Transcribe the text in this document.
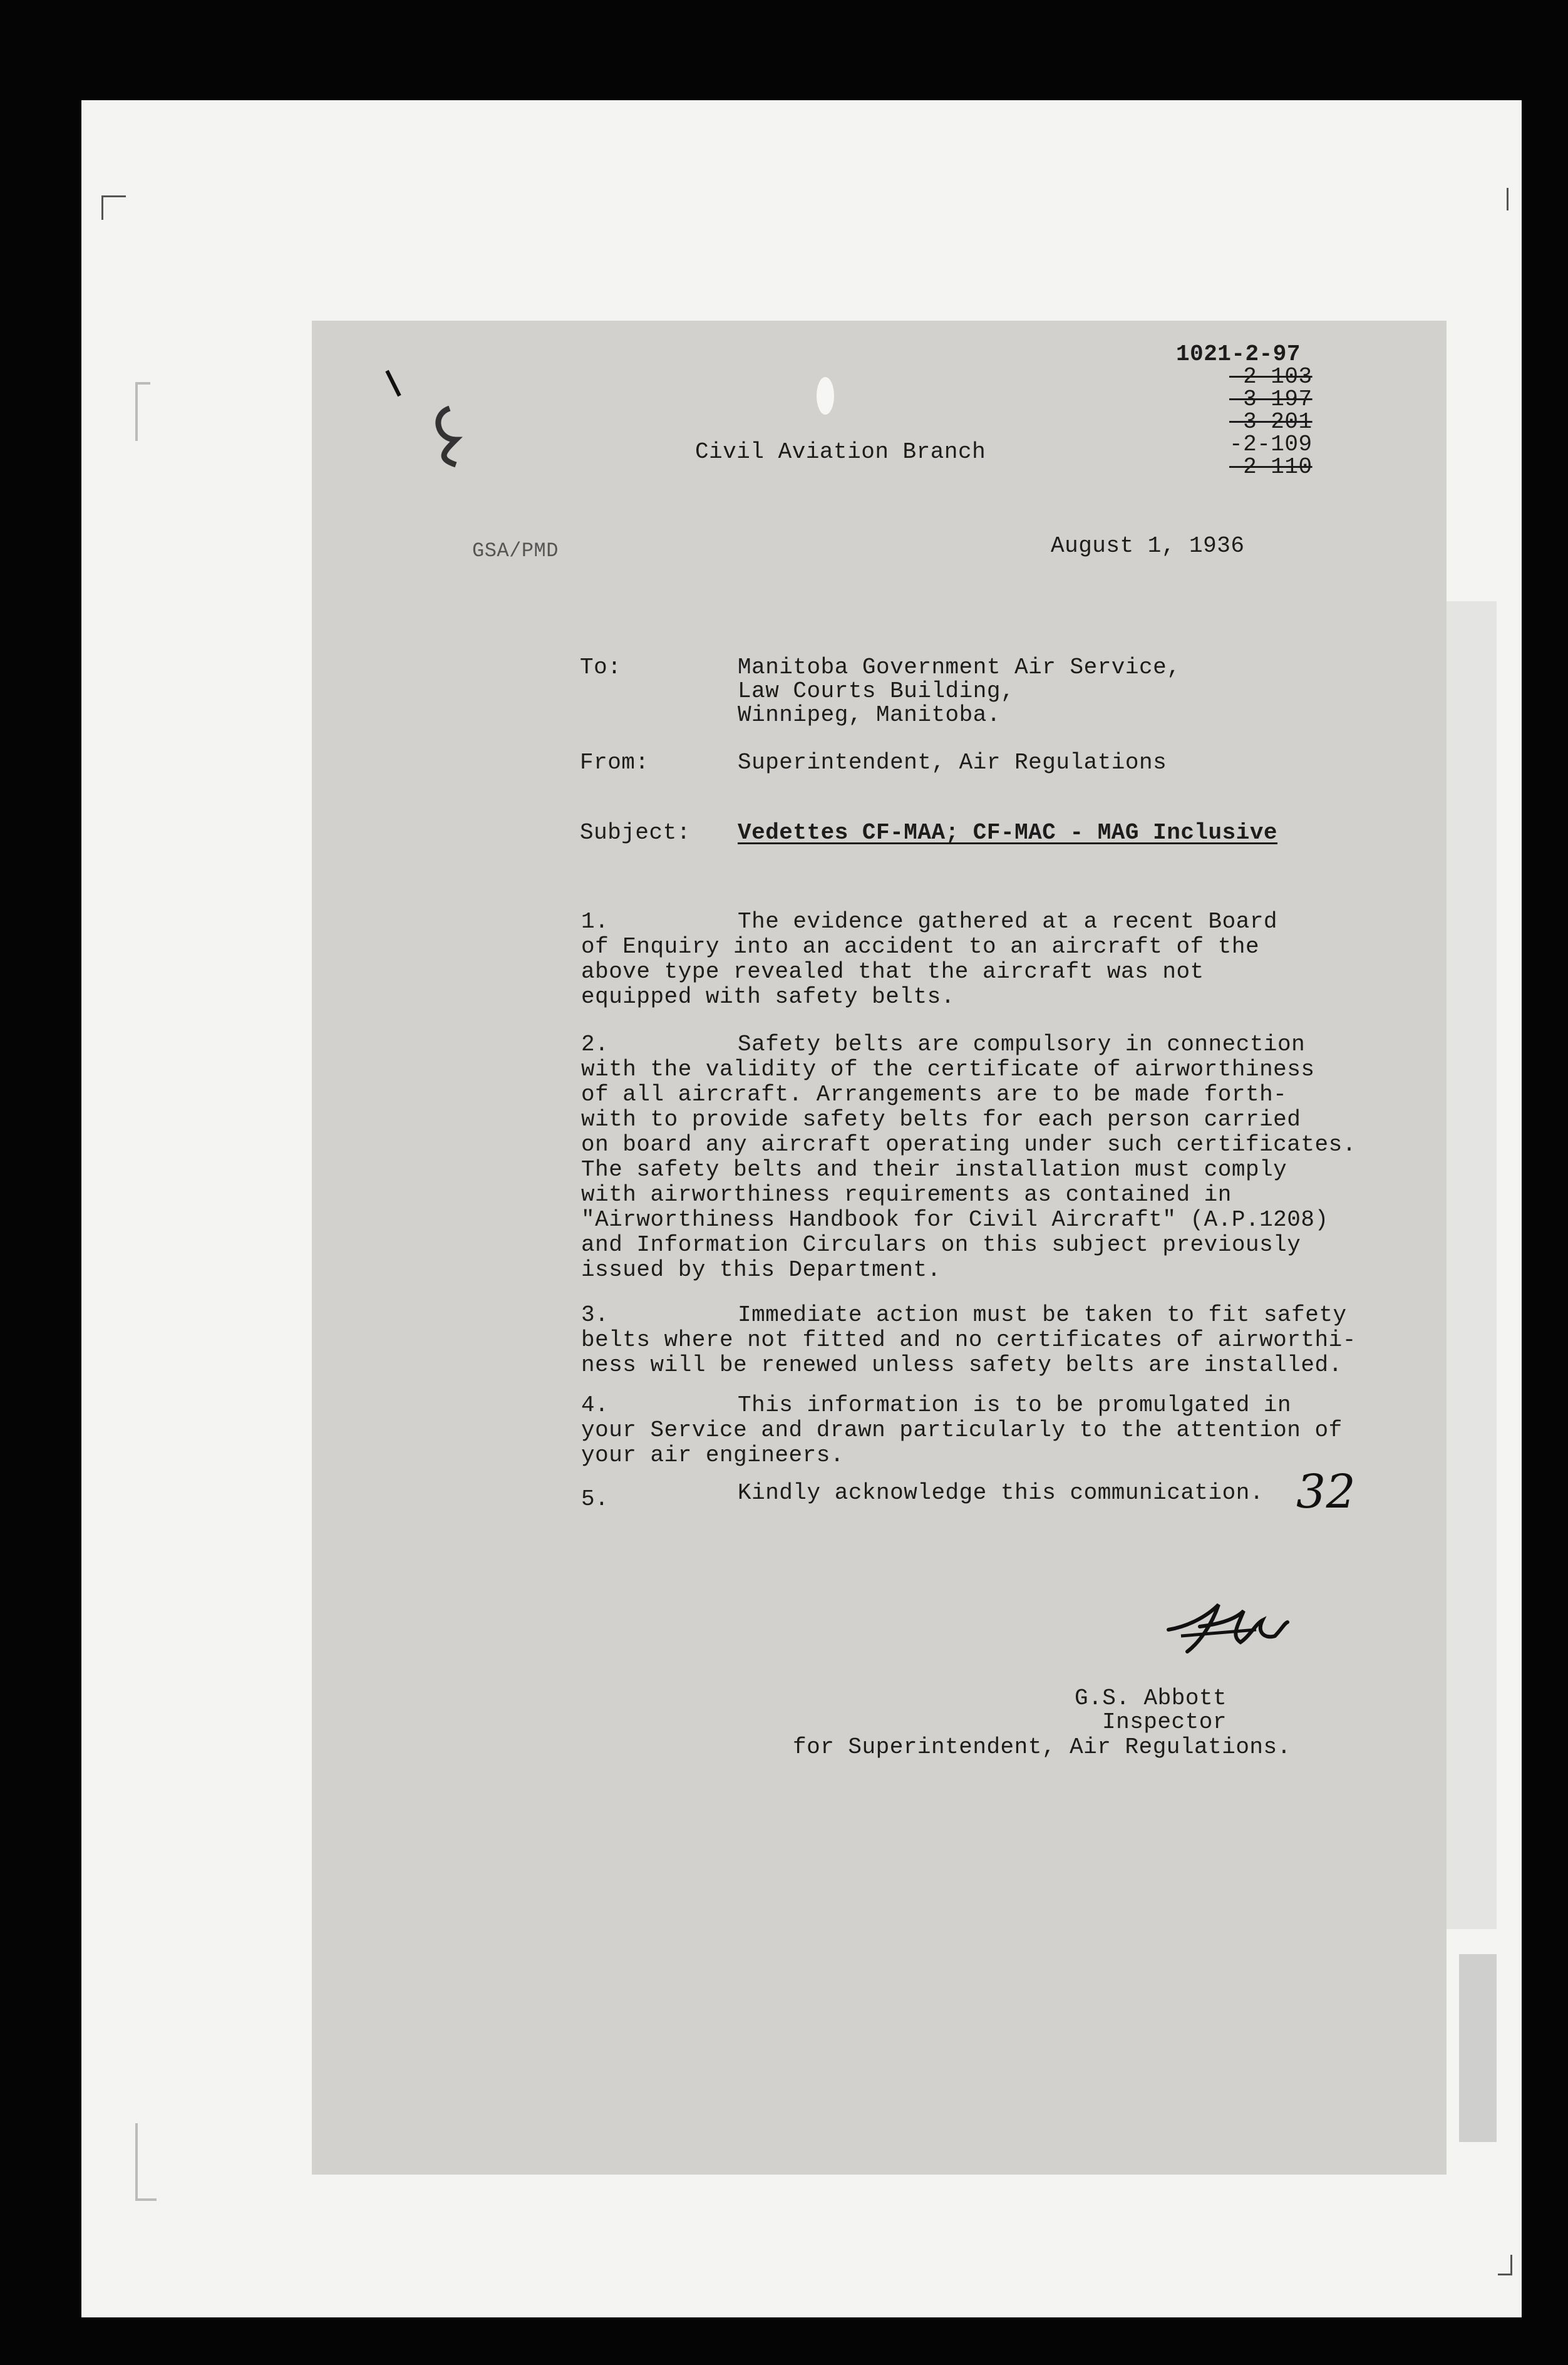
1021-2-97
-2-103
-3-197
-3-201
-2-109
-2-110
Civil Aviation Branch
GSA/PMD	August 1, 1936
To:	Manitoba Government Air Service,
Law Courts Building,
Winnipeg, Manitoba.
From:	Superintendent, Air Regulations
Subject: Vedettes CF-MAA; CF-MAC - MAG Inclusive
1.	The evidence gathered at a recent Board
of Enquiry into an accident to an aircraft of the
above type revealed that the aircraft was not
equipped with safety belts.
2.	Safety belts are compulsory in connection
with the validity of the certificate of airworthiness
of all aircraft. Arrangements are to be made forth-
with to provide safety belts for each person carried
on board any aircraft operating under such certificates.
The safety belts and their installation must comply
with airworthiness requirements as contained in
"Airworthiness Handbook for Civil Aircraft" (A.P.1208)
and Information Circulars on this subject previously
issued by this Department.
3.	Immediate action must be taken to fit safety
belts where not fitted and no certificates of airworthi-
ness will be renewed unless safety belts are installed.
4.	This information is to be promulgated in
your Service and drawn particularly to the attention of
your air engineers.
5.	Kindly acknowledge this communication. 32
G.S. Abbott
Inspector
for Superintendent, Air Regulations.
